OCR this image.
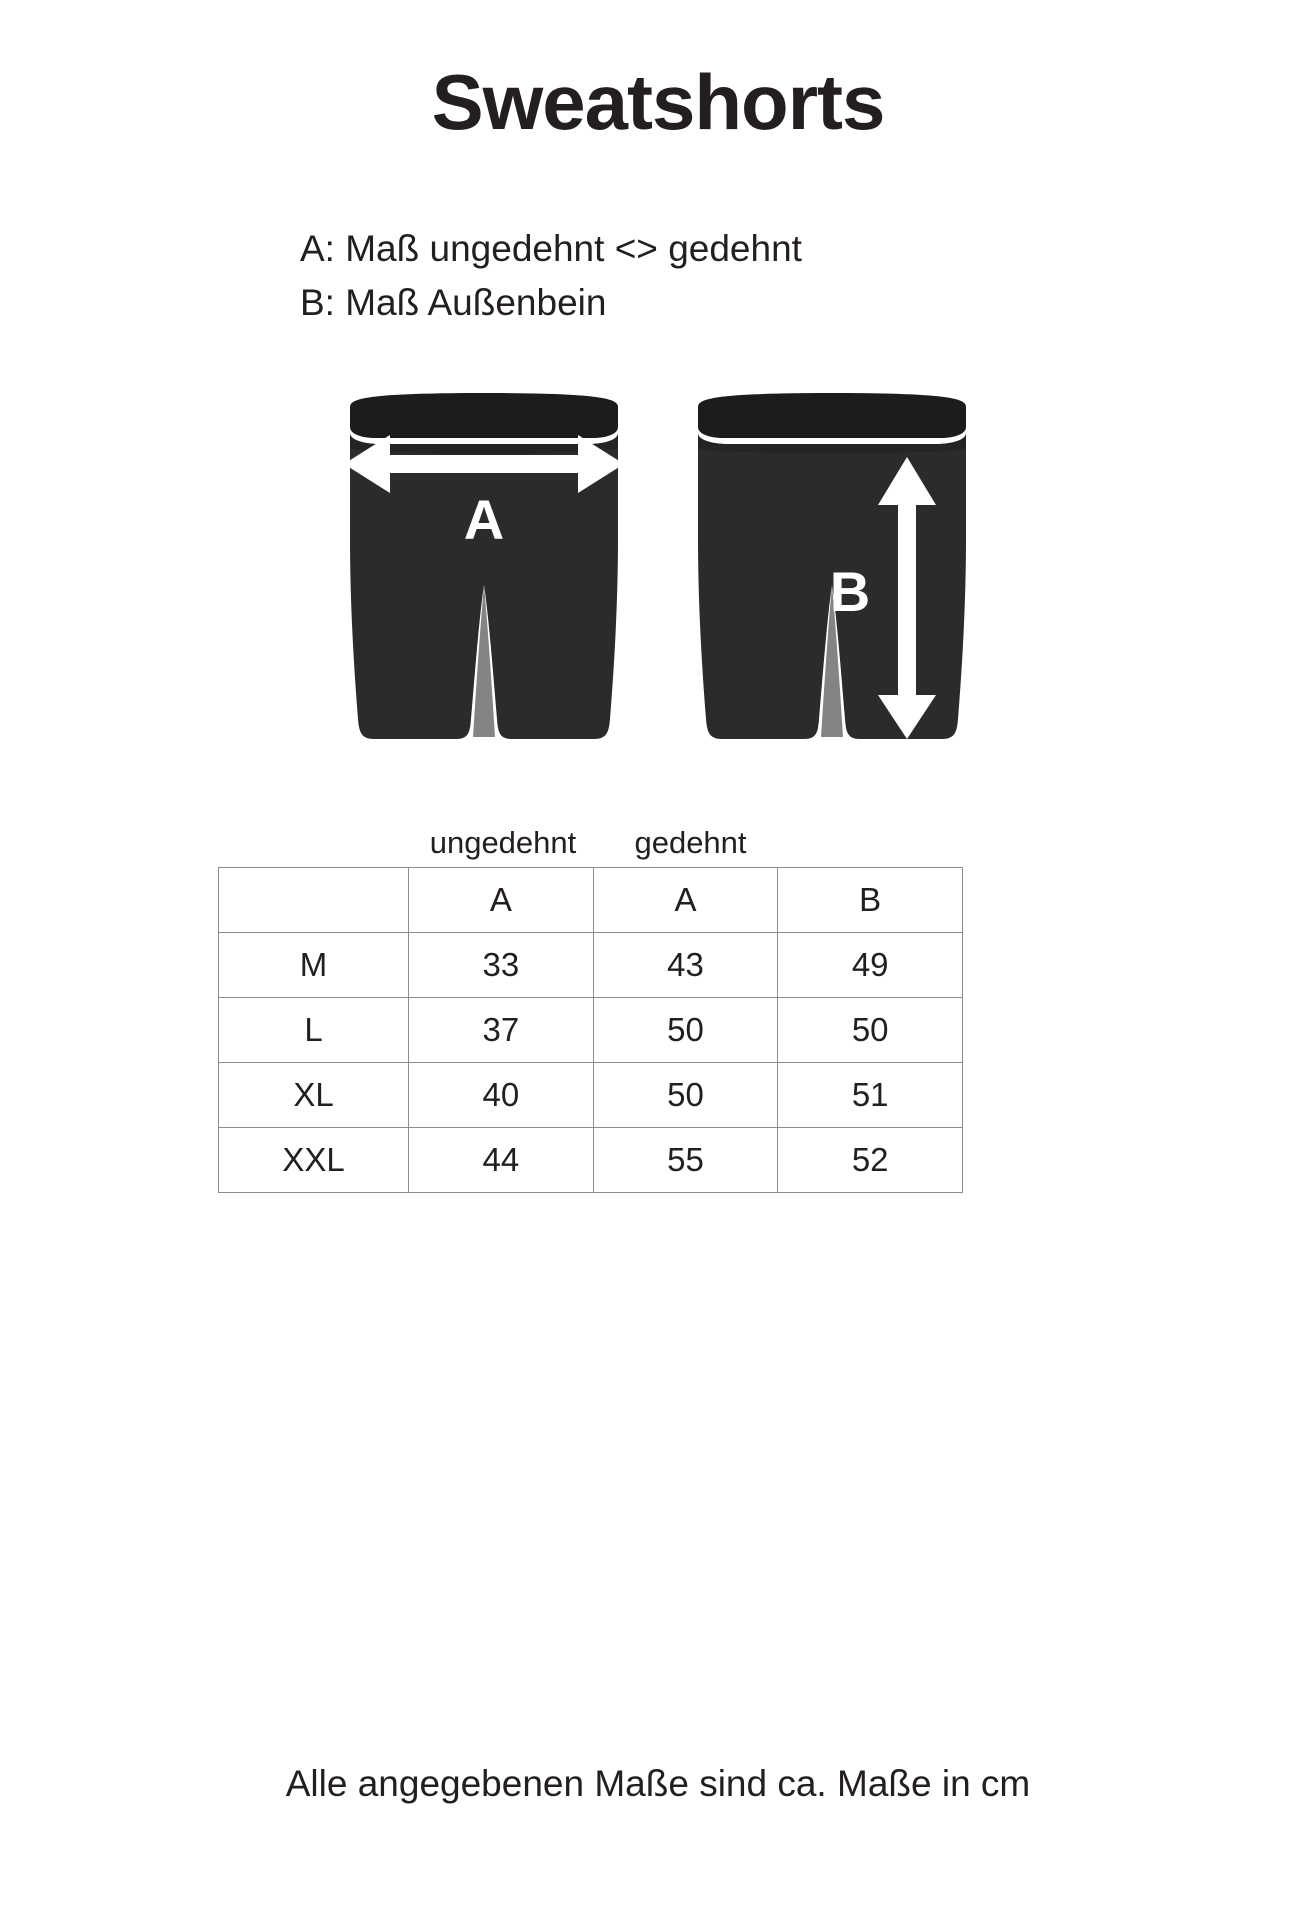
Sweatshorts
A: Maß ungedehnt <> gedehnt
B: Maß Außenbein
A
B
ungedehnt	gedehnt
	A	A	B
M	33	43	49
L	37	50	50
XL	40	50	51
XXL	44	55	52
Alle angegebenen Maße sind ca. Maße in cm
